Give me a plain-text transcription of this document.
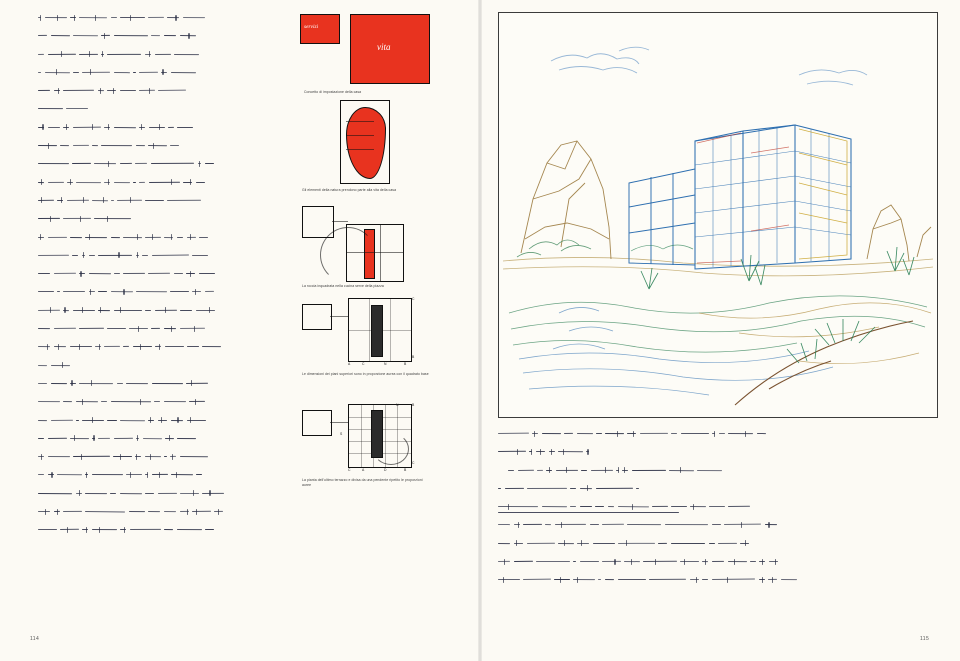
servizi
vita
Concetto di impostazione della casa
Gli elementi della natura prendono parte alla vita della casa
La roccia inquadrata nella cucina serve della piazza
C
B
A	C	N	B
Le dimensioni dei piani superiori sono in proporzione aurea con il quadrato base
B
N
C
S
C	A	D	B
La pianta dell'ultimo terrazzo e divisa da una pendente ripetito le proporzioni auree
114	115
